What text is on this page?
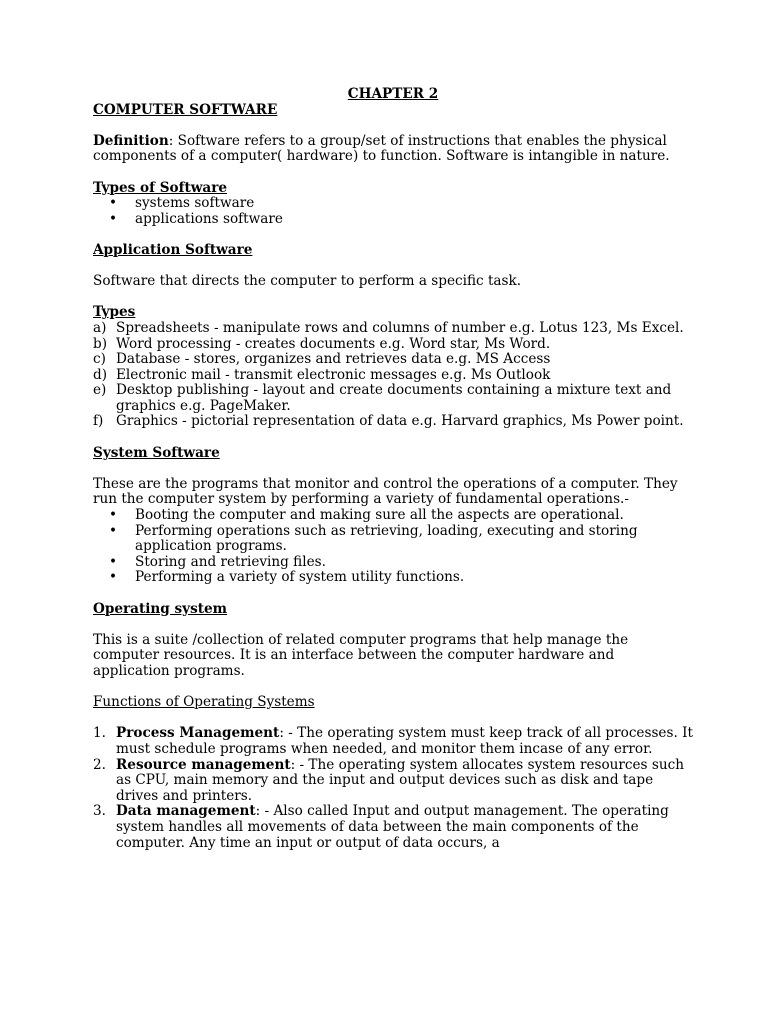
CHAPTER 2

COMPUTER SOFTWARE

Definition: Software refers to a group/set of instructions that enables the physical components of a computer( hardware) to function. Software is intangible in nature.

Types of Software

• systems software
• applications software

Application Software

Software that directs the computer to perform a specific task.

Types

a) Spreadsheets - manipulate rows and columns of number e.g. Lotus 123, Ms Excel.
b) Word processing - creates documents e.g. Word star, Ms Word.
c) Database - stores, organizes and retrieves data e.g. MS Access
d) Electronic mail - transmit electronic messages e.g. Ms Outlook
e) Desktop publishing - layout and create documents containing a mixture text and graphics e.g. PageMaker.
f) Graphics - pictorial representation of data e.g. Harvard graphics, Ms Power point.

System Software

These are the programs that monitor and control the operations of a computer. They run the computer system by performing a variety of fundamental operations.-

• Booting the computer and making sure all the aspects are operational.
• Performing operations such as retrieving, loading, executing and storing application programs.
• Storing and retrieving files.
• Performing a variety of system utility functions.

Operating system

This is a suite /collection of related computer programs that help manage the computer resources. It is an interface between the computer hardware and application programs.

Functions of Operating Systems

1. Process Management: - The operating system must keep track of all processes. It must schedule programs when needed, and monitor them incase of any error.
2. Resource management: - The operating system allocates system resources such as CPU, main memory and the input and output devices such as disk and tape drives and printers.
3. Data management: - Also called Input and output management. The operating system handles all movements of data between the main components of the computer. Any time an input or output of data occurs, a
